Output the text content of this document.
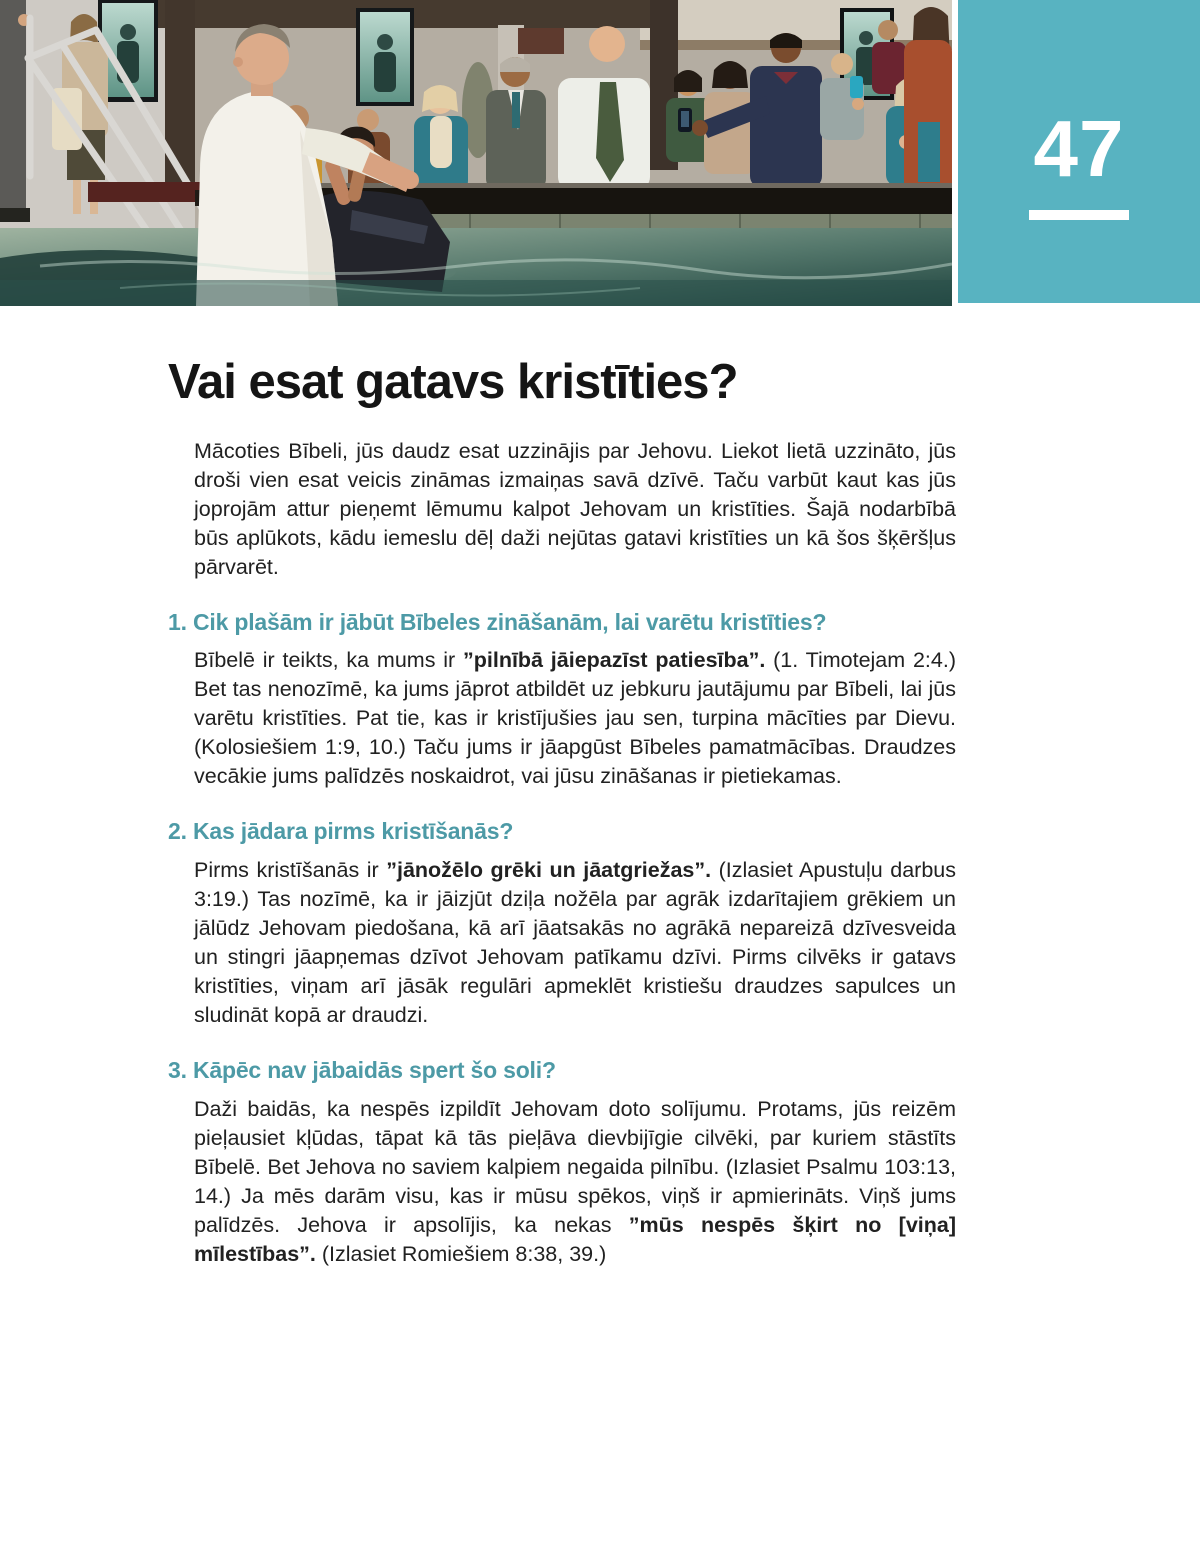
47
Vai esat gatavs kristīties?

Mācoties Bībeli, jūs daudz esat uzzinājis par Jehovu. Liekot lietā uzzināto, jūs droši vien esat veicis zināmas izmaiņas savā dzīvē. Taču varbūt kaut kas jūs joprojām attur pieņemt lēmumu kalpot Jehovam un kristīties. Šajā nodarbībā būs aplūkots, kādu iemeslu dēļ daži nejūtas gatavi kristīties un kā šos šķēršļus pārvarēt.

1. Cik plašām ir jābūt Bībeles zināšanām, lai varētu kristīties?

Bībelē ir teikts, ka mums ir ”pilnībā jāiepazīst patiesība”. (1. Timotejam 2:4.) Bet tas nenozīmē, ka jums jāprot atbildēt uz jebkuru jautājumu par Bībeli, lai jūs varētu kristīties. Pat tie, kas ir kristījušies jau sen, turpina mācīties par Dievu. (Kolosiešiem 1:9, 10.) Taču jums ir jāapgūst Bībeles pamatmācības. Draudzes vecākie jums palīdzēs noskaidrot, vai jūsu zināšanas ir pietiekamas.

2. Kas jādara pirms kristīšanās?

Pirms kristīšanās ir ”jānožēlo grēki un jāatgriežas”. (Izlasiet Apustuļu darbus 3:19.) Tas nozīmē, ka ir jāizjūt dziļa nožēla par agrāk izdarītajiem grēkiem un jālūdz Jehovam piedošana, kā arī jāatsakās no agrākā nepareizā dzīvesveida un stingri jāapņemas dzīvot Jehovam patīkamu dzīvi. Pirms cilvēks ir gatavs kristīties, viņam arī jāsāk regulāri apmeklēt kristiešu draudzes sapulces un sludināt kopā ar draudzi.

3. Kāpēc nav jābaidās spert šo soli?

Daži baidās, ka nespēs izpildīt Jehovam doto solījumu. Protams, jūs reizēm pieļausiet kļūdas, tāpat kā tās pieļāva dievbijīgie cilvēki, par kuriem stāstīts Bībelē. Bet Jehova no saviem kalpiem negaida pilnību. (Izlasiet Psalmu 103:13, 14.) Ja mēs darām visu, kas ir mūsu spēkos, viņš ir apmierināts. Viņš jums palīdzēs. Jehova ir apsolījis, ka nekas ”mūs nespēs šķirt no [viņa] mīlestības”. (Izlasiet Romiešiem 8:38, 39.)
